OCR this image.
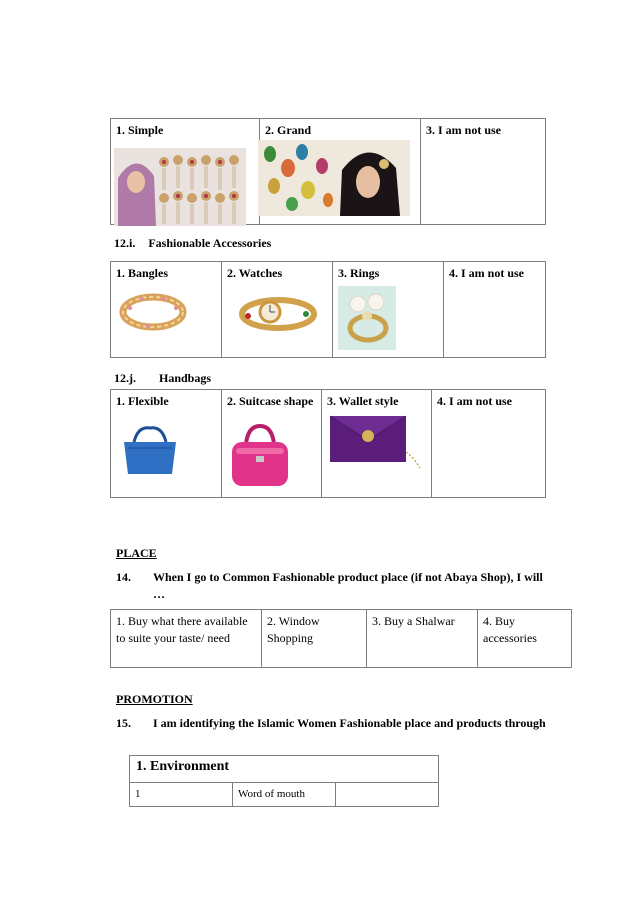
1. Simple	2. Grand	3. I am not use
12.i. Fashionable Accessories
1. Bangles	2. Watches	3. Rings	4. I am not use
12.j. Handbags
1. Flexible	2. Suitcase shape	3. Wallet style	4. I am not use
PLACE
14. When I go to Common Fashionable product place (if not Abaya Shop), I will …
1. Buy what there available to suite your taste/ need	2. Window Shopping	3. Buy a Shalwar	4. Buy accessories
PROMOTION
15.	I am identifying the Islamic Women Fashionable place and products through
1. Environment
1	Word of mouth	
